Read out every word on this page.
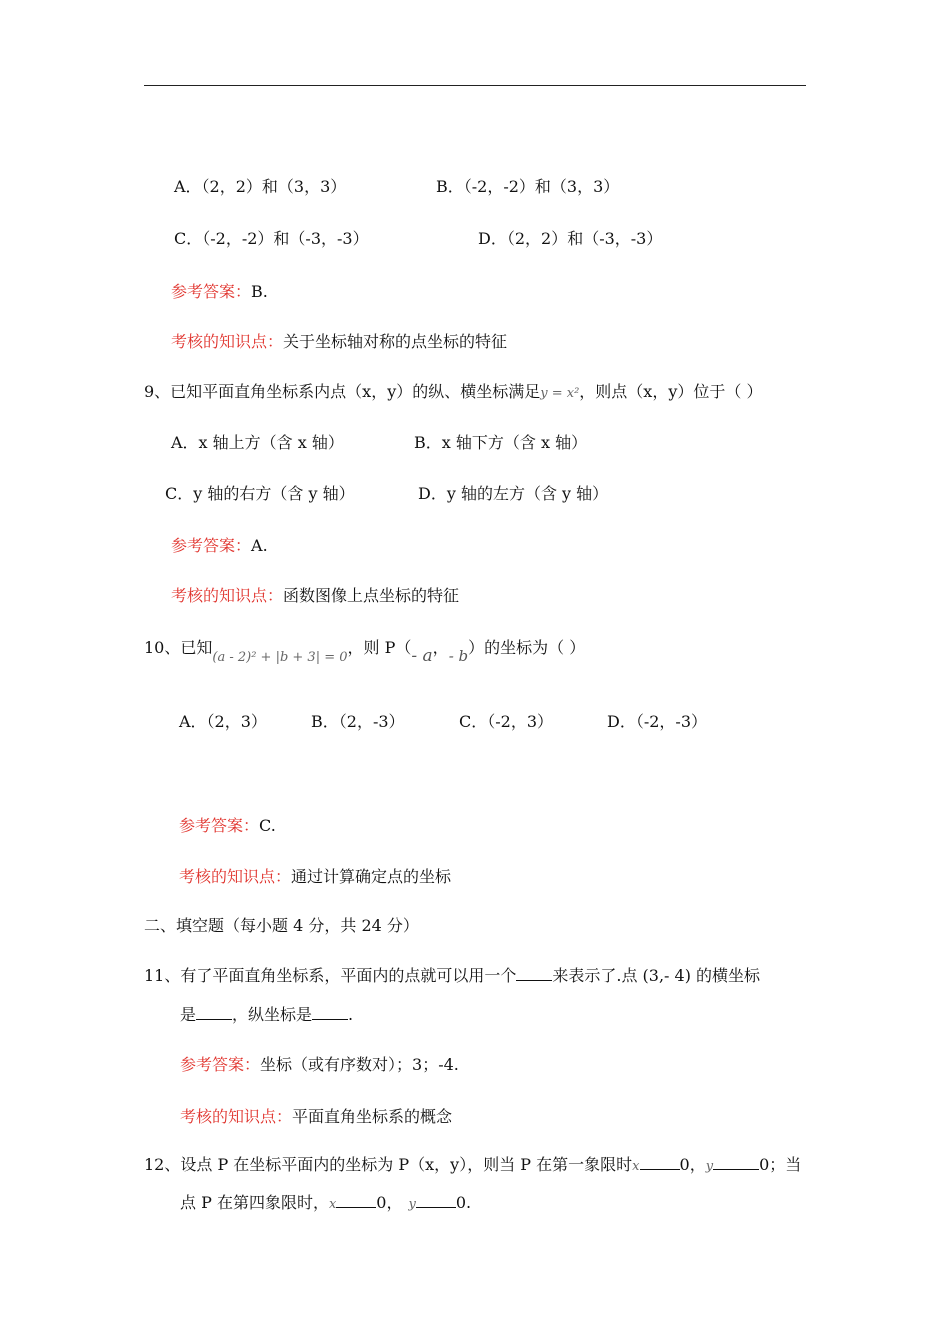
A．（2，2）和（3，3）	B．（-2，-2）和（3，3）
C．（-2，-2）和（-3，-3）	D．（2，2）和（-3，-3）
参考答案：B.
考核的知识点：关于坐标轴对称的点坐标的特征
9、已知平面直角坐标系内点（x，y）的纵、横坐标满足y = x²，则点（x，y）位于（ ）
A．x 轴上方（含 x 轴）	B．x 轴下方（含 x 轴）
C．y 轴的右方（含 y 轴）	D．y 轴的左方（含 y 轴）
参考答案：A.
考核的知识点：函数图像上点坐标的特征
10、已知$_{(a - 2)^2 + |b + 3| = 0}$，则 P（- a，- b）的坐标为（ ）
A．（2，3）	B．（2，-3）	C．（-2，3）	D．（-2，-3）
参考答案：C.
考核的知识点：通过计算确定点的坐标
二、填空题（每小题 4 分，共 24 分）
11、有了平面直角坐标系，平面内的点就可以用一个 来表示了.点 (3,- 4) 的横坐标
是 ，纵坐标是 .
参考答案：坐标（或有序数对）；3；-4.
考核的知识点：平面直角坐标系的概念
12、设点 P 在坐标平面内的坐标为 P（x，y），则当 P 在第一象限时x	0，y	0；当
点 P 在第四象限时，x	0， y	0.
